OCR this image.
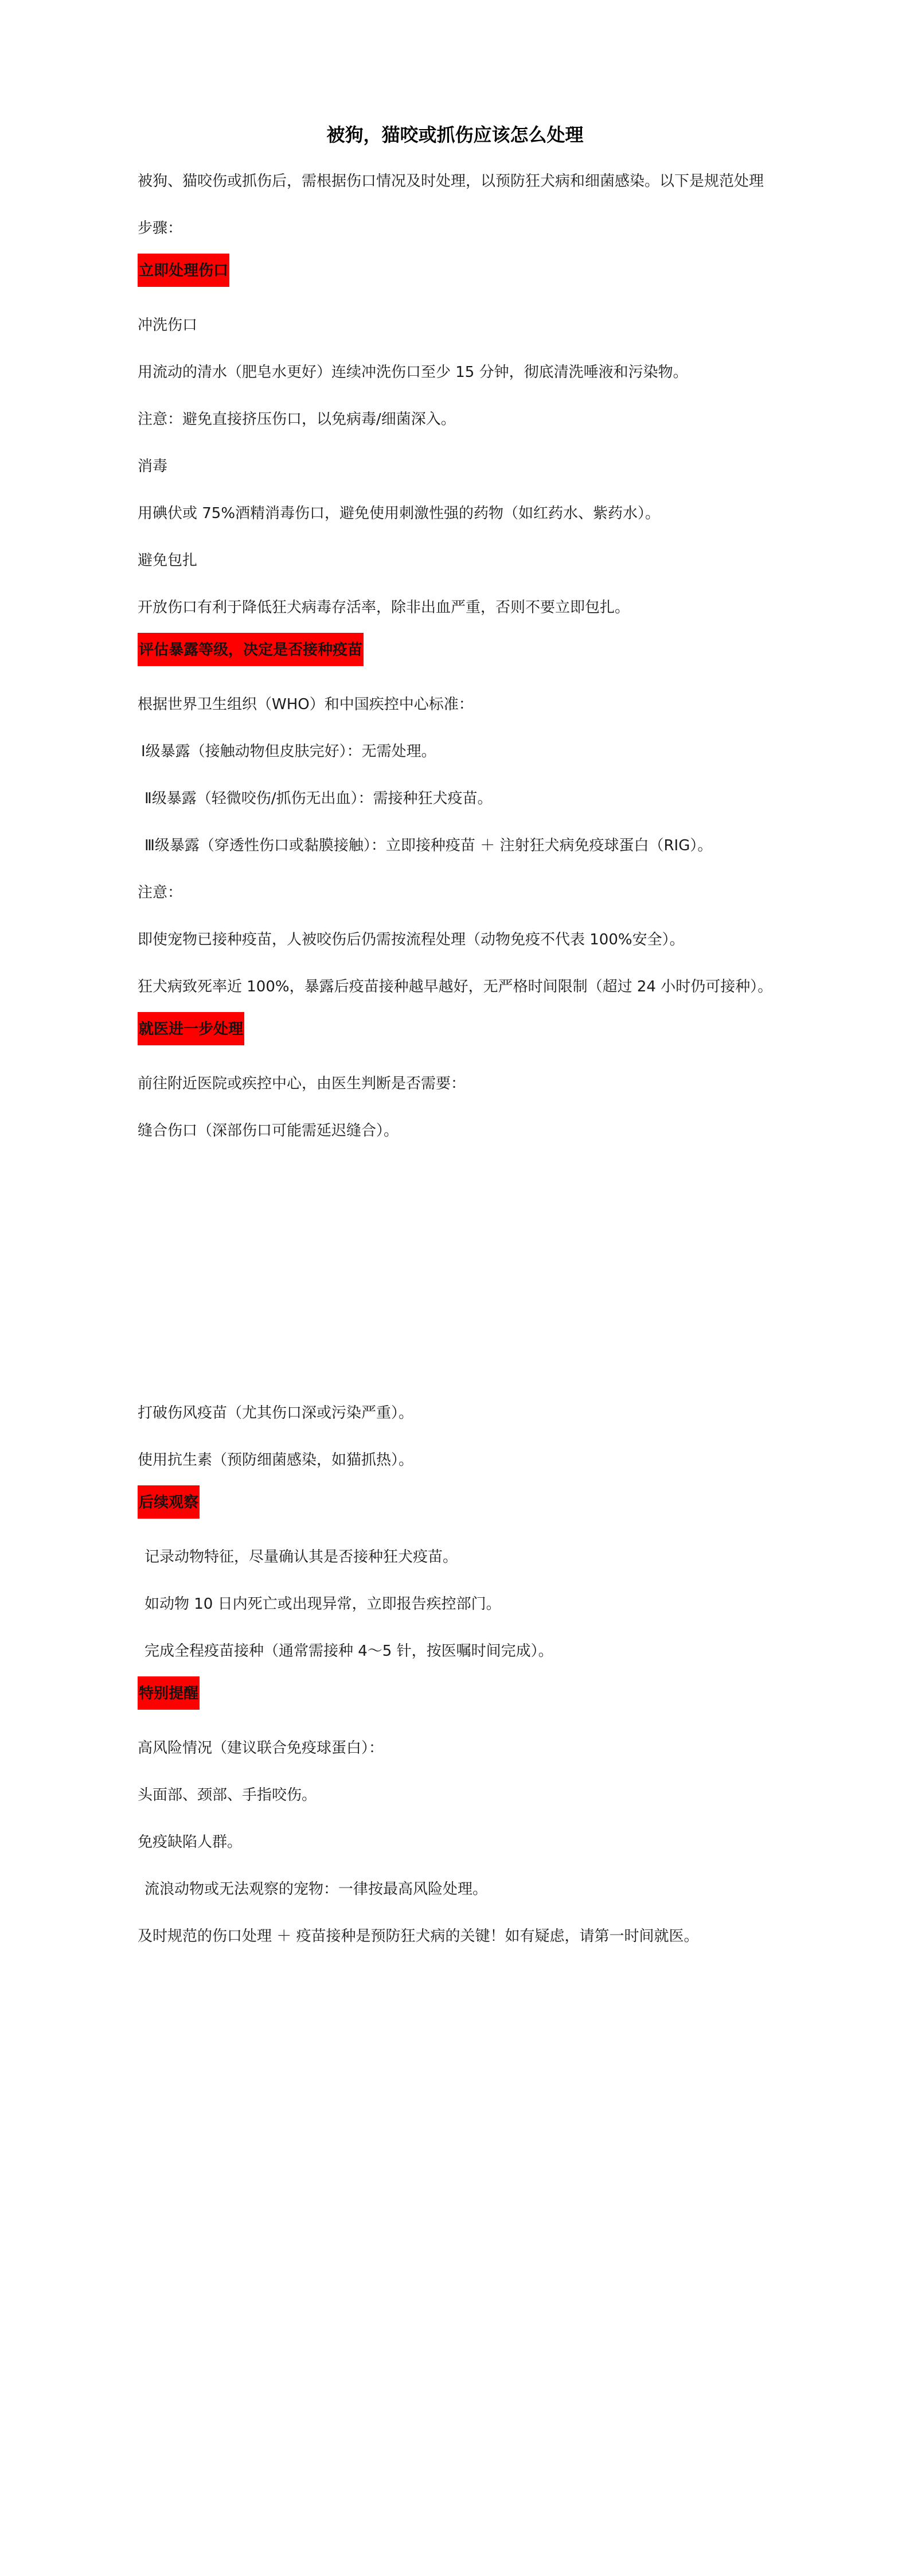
被狗，猫咬或抓伤应该怎么处理
被狗、猫咬伤或抓伤后，需根据伤口情况及时处理，以预防狂犬病和细菌感染。以下是规范处理
步骤：
立即处理伤口
冲洗伤口
用流动的清水（肥皂水更好）连续冲洗伤口至少 15 分钟，彻底清洗唾液和污染物。
注意：避免直接挤压伤口，以免病毒/细菌深入。
消毒
用碘伏或 75%酒精消毒伤口，避免使用刺激性强的药物（如红药水、紫药水）。
避免包扎
开放伤口有利于降低狂犬病毒存活率，除非出血严重，否则不要立即包扎。
评估暴露等级，决定是否接种疫苗
根据世界卫生组织（WHO）和中国疾控中心标准：
Ⅰ级暴露（接触动物但皮肤完好）：无需处理。
Ⅱ级暴露（轻微咬伤/抓伤无出血）：需接种狂犬疫苗。
Ⅲ级暴露（穿透性伤口或黏膜接触）：立即接种疫苗 ＋ 注射狂犬病免疫球蛋白（RIG）。
注意：
即使宠物已接种疫苗，人被咬伤后仍需按流程处理（动物免疫不代表 100%安全）。
狂犬病致死率近 100%，暴露后疫苗接种越早越好，无严格时间限制（超过 24 小时仍可接种）。
就医进一步处理
前往附近医院或疾控中心，由医生判断是否需要：
缝合伤口（深部伤口可能需延迟缝合）。
打破伤风疫苗（尤其伤口深或污染严重）。
使用抗生素（预防细菌感染，如猫抓热）。
后续观察
记录动物特征，尽量确认其是否接种狂犬疫苗。
如动物 10 日内死亡或出现异常，立即报告疾控部门。
完成全程疫苗接种（通常需接种 4～5 针，按医嘱时间完成）。
特别提醒
高风险情况（建议联合免疫球蛋白）：
头面部、颈部、手指咬伤。
免疫缺陷人群。
流浪动物或无法观察的宠物：一律按最高风险处理。
及时规范的伤口处理 ＋ 疫苗接种是预防狂犬病的关键！如有疑虑，请第一时间就医。
